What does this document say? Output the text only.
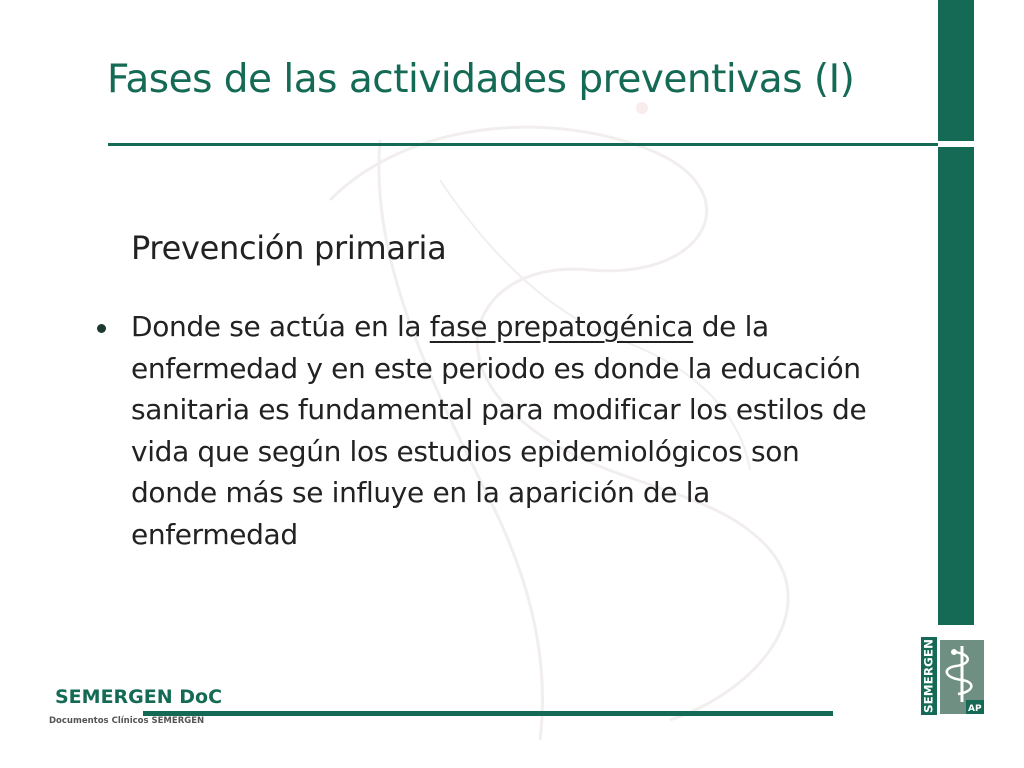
Fases de las actividades preventivas (I)
Prevención primaria

Donde se actúa en la fase prepatogénica de la
enfermedad y en este periodo es donde la educación
sanitaria es fundamental para modificar los estilos de
vida que según los estudios epidemiológicos son
donde más se influye en la aparición de la
enfermedad

SEMERGEN DoC
Documentos Clínicos SEMERGEN
SEMERGEN	AP
